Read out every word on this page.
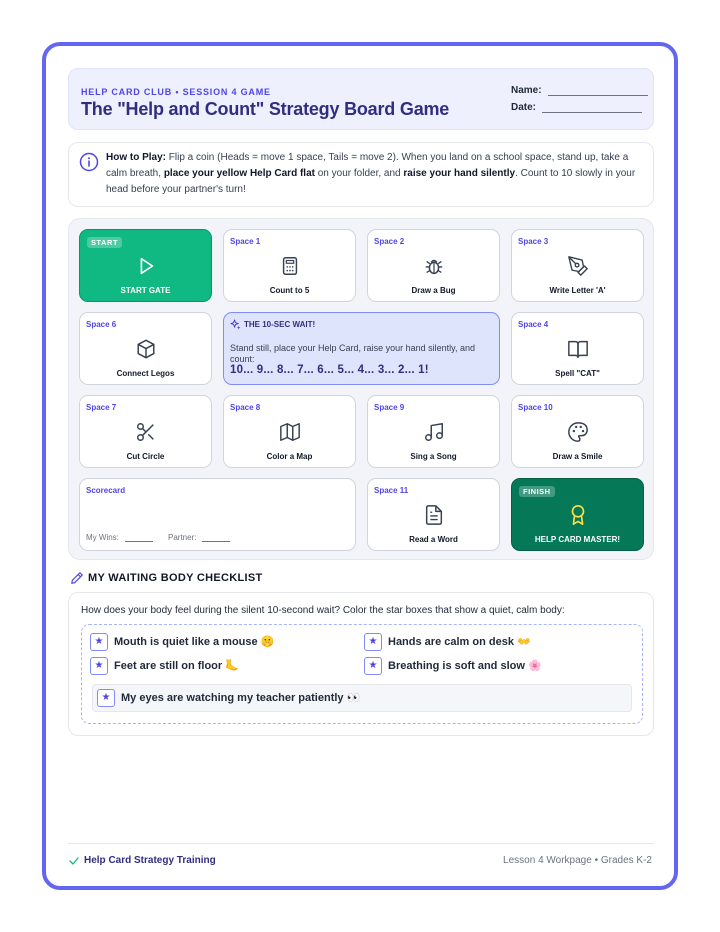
HELP CARD CLUB • SESSION 4 GAME
The "Help and Count" Strategy Board Game
Name:
Date:
How to Play: Flip a coin (Heads = move 1 space, Tails = move 2). When you land on a school space, stand up, take a calm breath, place your yellow Help Card flat on your folder, and raise your hand silently. Count to 10 slowly in your head before your partner's turn!
START
START GATE
Space 1
Count to 5
Space 2
Draw a Bug
Space 3
Write Letter 'A'
Space 6
Connect Legos
THE 10-SEC WAIT!
Stand still, place your Help Card, raise your hand silently, and count:
10... 9... 8... 7... 6... 5... 4... 3... 2... 1!
Space 4
Spell "CAT"
Space 7
Cut Circle
Space 8
Color a Map
Space 9
Sing a Song
Space 10
Draw a Smile
Scorecard
My Wins:	Partner:
Space 11
Read a Word
FINISH
HELP CARD MASTER!
MY WAITING BODY CHECKLIST
How does your body feel during the silent 10-second wait? Color the star boxes that show a quiet, calm body:
★ Mouth is quiet like a mouse 🤫	★ Hands are calm on desk 👐
★ Feet are still on floor 🦶	★ Breathing is soft and slow 🌸
★ My eyes are watching my teacher patiently 👀
Help Card Strategy Training	Lesson 4 Workpage • Grades K-2
